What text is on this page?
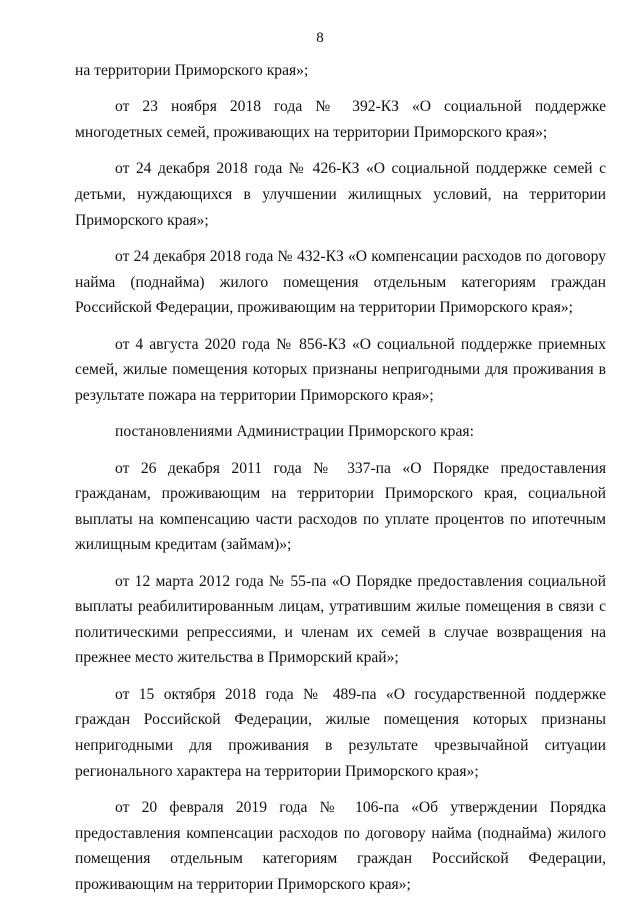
8

на территории Приморского края»;

от 23 ноября 2018 года № 392-КЗ «О социальной поддержке многодетных семей, проживающих на территории Приморского края»;

от 24 декабря 2018 года № 426-КЗ «О социальной поддержке семей с детьми, нуждающихся в улучшении жилищных условий, на территории Приморского края»;

от 24 декабря 2018 года № 432-КЗ «О компенсации расходов по договору найма (поднайма) жилого помещения отдельным категориям граждан Российской Федерации, проживающим на территории Приморского края»;

от 4 августа 2020 года № 856-КЗ «О социальной поддержке приемных семей, жилые помещения которых признаны непригодными для проживания в результате пожара на территории Приморского края»;

постановлениями Администрации Приморского края:

от 26 декабря 2011 года № 337-па «О Порядке предоставления гражданам, проживающим на территории Приморского края, социальной выплаты на компенсацию части расходов по уплате процентов по ипотечным жилищным кредитам (займам)»;

от 12 марта 2012 года № 55-па «О Порядке предоставления социальной выплаты реабилитированным лицам, утратившим жилые помещения в связи с политическими репрессиями, и членам их семей в случае возвращения на прежнее место жительства в Приморский край»;

от 15 октября 2018 года № 489-па «О государственной поддержке граждан Российской Федерации, жилые помещения которых признаны непригодными для проживания в результате чрезвычайной ситуации регионального характера на территории Приморского края»;

от 20 февраля 2019 года № 106-па «Об утверждении Порядка предоставления компенсации расходов по договору найма (поднайма) жилого помещения отдельным категориям граждан Российской Федерации, проживающим на территории Приморского края»;
